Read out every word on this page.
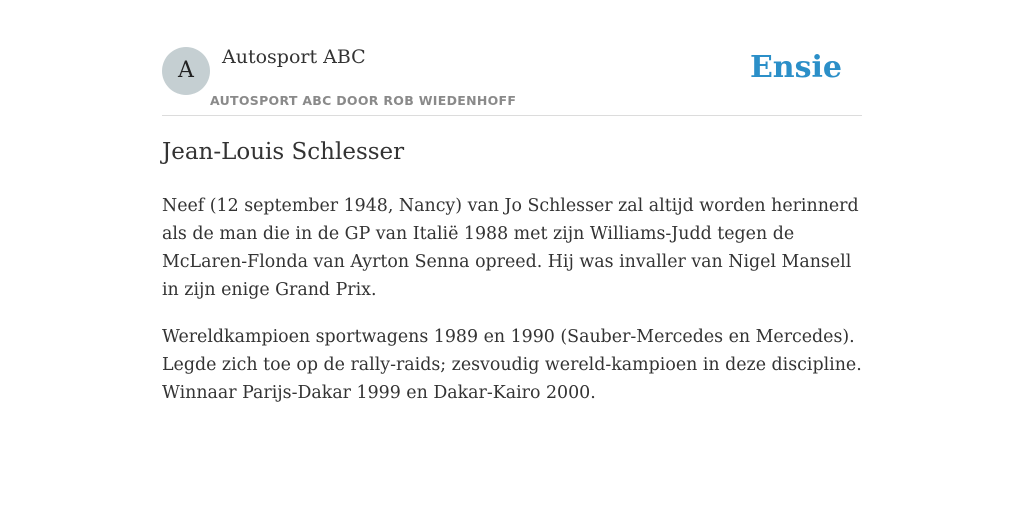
A
Autosport ABC
AUTOSPORT ABC DOOR ROB WIEDENHOFF
Ensie
Jean-Louis Schlesser

Neef (12 september 1948, Nancy) van Jo Schlesser zal altijd worden herinnerd als de man die in de GP van Italië 1988 met zijn Williams-Judd tegen de McLaren-Flonda van Ayrton Senna opreed. Hij was invaller van Nigel Mansell in zijn enige Grand Prix.

Wereldkampioen sportwagens 1989 en 1990 (Sauber-Mercedes en Mercedes). Legde zich toe op de rally-raids; zesvoudig wereld-kampioen in deze discipline. Winnaar Parijs-Dakar 1999 en Dakar-Kairo 2000.
